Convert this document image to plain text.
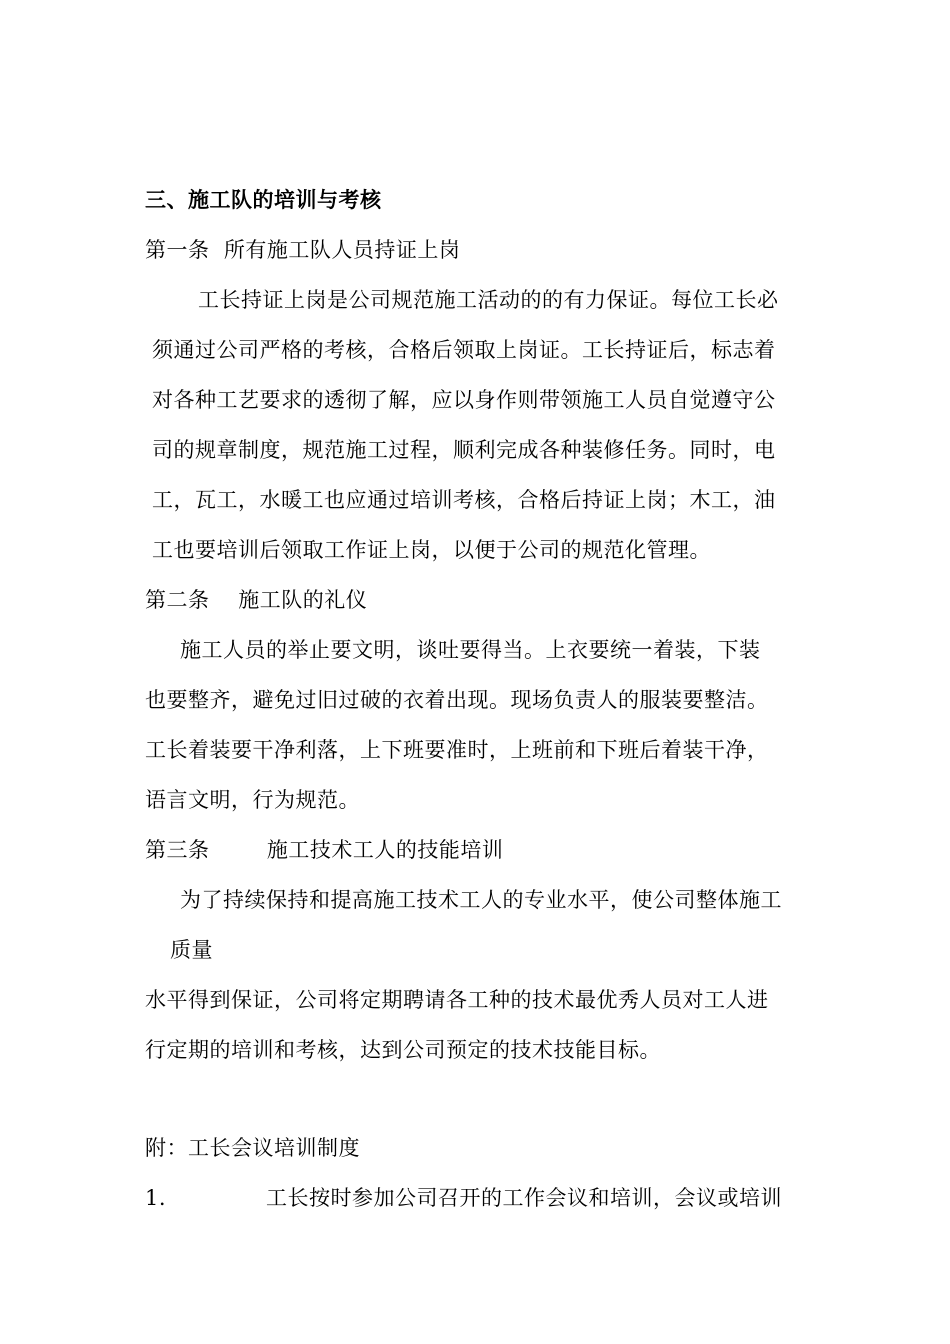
三、施工队的培训与考核
第一条  所有施工队人员持证上岗
工长持证上岗是公司规范施工活动的的有力保证。每位工长必
须通过公司严格的考核，合格后领取上岗证。工长持证后，标志着
对各种工艺要求的透彻了解，应以身作则带领施工人员自觉遵守公
司的规章制度，规范施工过程，顺利完成各种装修任务。同时，电
工，瓦工，水暖工也应通过培训考核，合格后持证上岗；木工，油
工也要培训后领取工作证上岗，以便于公司的规范化管理。
第二条    施工队的礼仪
施工人员的举止要文明，谈吐要得当。上衣要统一着装，下装
也要整齐，避免过旧过破的衣着出现。现场负责人的服装要整洁。
工长着装要干净利落，上下班要准时，上班前和下班后着装干净，
语言文明，行为规范。
第三条        施工技术工人的技能培训
为了持续保持和提高施工技术工人的专业水平，使公司整体施工
质量
水平得到保证，公司将定期聘请各工种的技术最优秀人员对工人进
行定期的培训和考核，达到公司预定的技术技能目标。
附：工长会议培训制度
1.	工长按时参加公司召开的工作会议和培训，会议或培训
